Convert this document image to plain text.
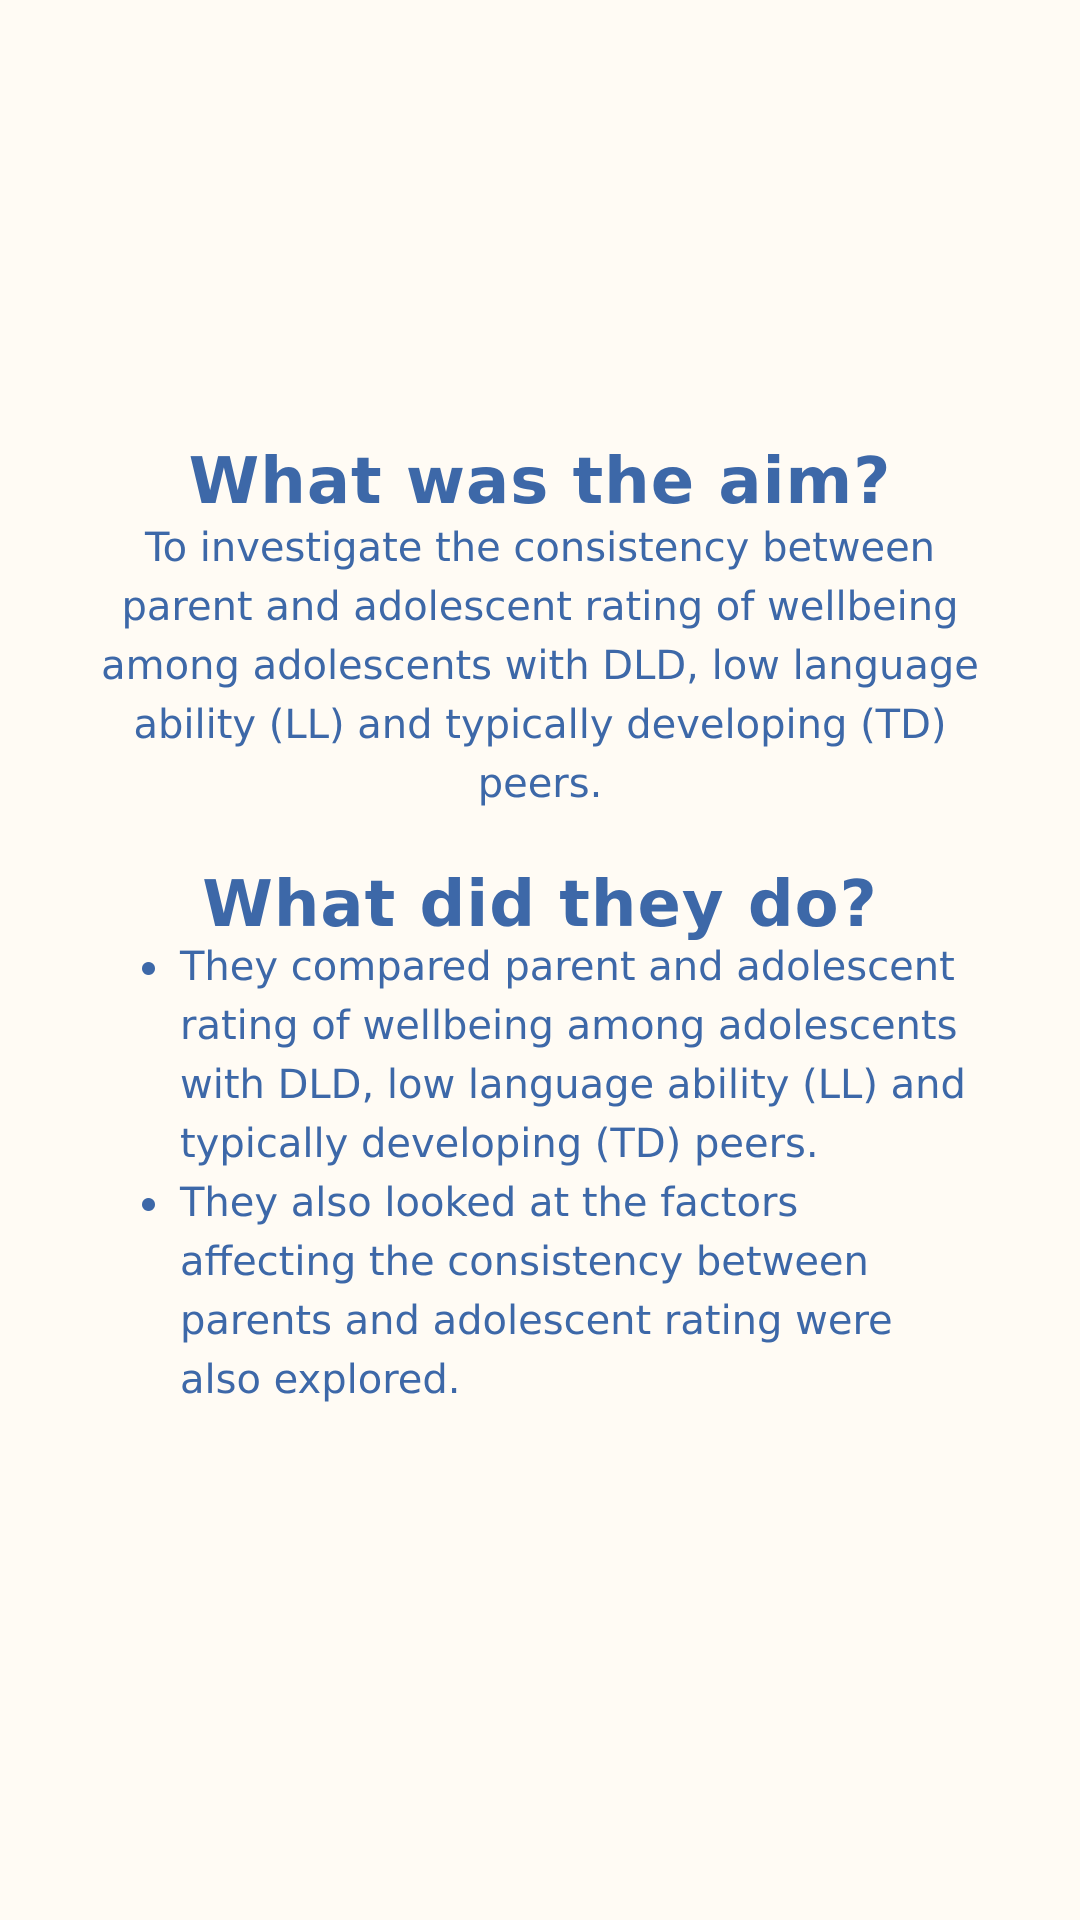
What was the aim?

To investigate the consistency between parent and adolescent rating of wellbeing among adolescents with DLD, low language ability (LL) and typically developing (TD) peers.

What did they do?
They compared parent and adolescent rating of wellbeing among adolescents with DLD, low language ability (LL) and typically developing (TD) peers.
They also looked at the factors affecting the consistency between parents and adolescent rating were also explored.
